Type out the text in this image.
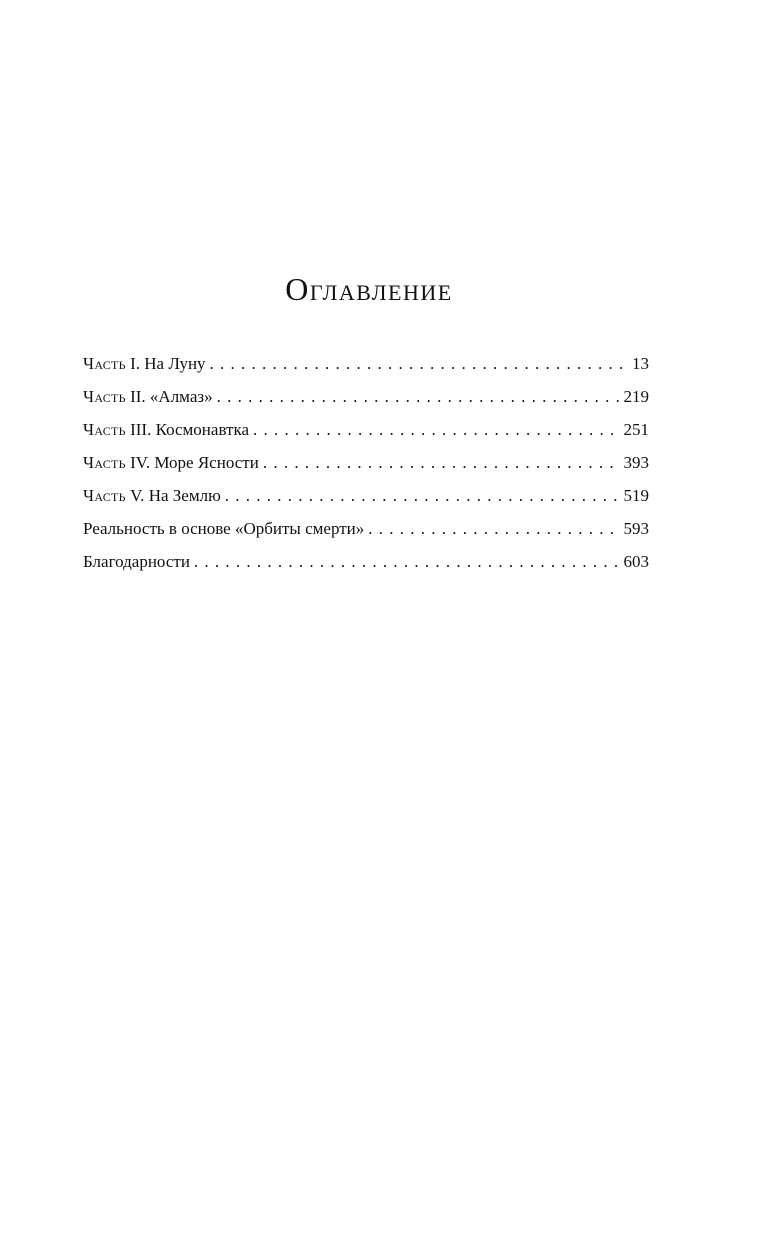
Оглавление
Часть I. На Луну . . .	13
Часть II. «Алмаз» . . .	219
Часть III. Космонавтка . . .	251
Часть IV. Море Ясности . . .	393
Часть V. На Землю . . .	519
Реальность в основе «Орбиты смерти» . . .	593
Благодарности . . .	603
